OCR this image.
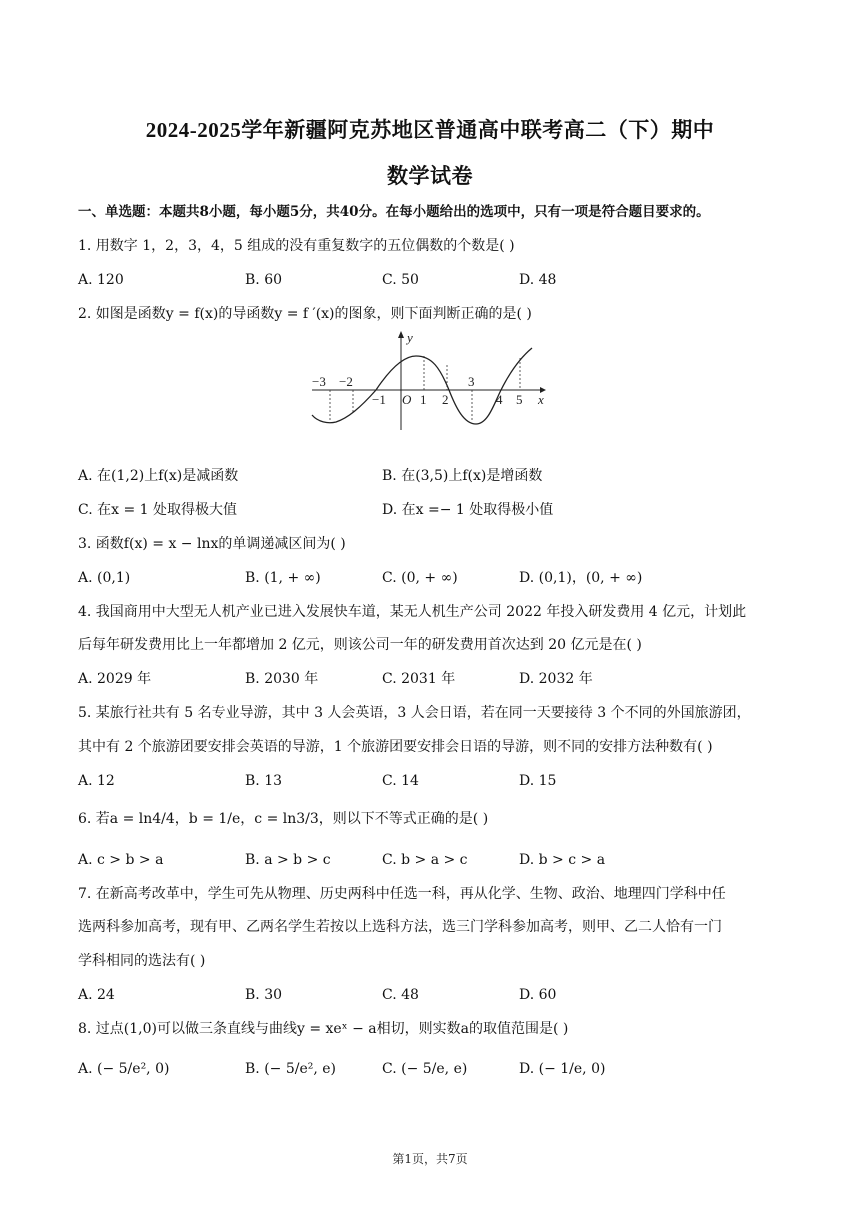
2024-2025学年新疆阿克苏地区普通高中联考高二（下）期中
数学试卷
一、单选题：本题共8小题，每小题5分，共40分。在每小题给出的选项中，只有一项是符合题目要求的。
1. 用数字 1，2，3，4，5 组成的没有重复数字的五位偶数的个数是( )
A. 120	B. 60	C. 50	D. 48
2. 如图是函数y = f(x)的导函数y = f ′(x)的图象，则下面判断正确的是( )
y
x
O
−3 −2
−1	1 2
3
4 5
A. 在(1,2)上f(x)是减函数	B. 在(3,5)上f(x)是增函数
C. 在x = 1 处取得极大值	D. 在x =− 1 处取得极小值
3. 函数f(x) = x − lnx的单调递减区间为( )
A. (0,1)	B. (1, + ∞)	C. (0, + ∞)	D. (0,1)，(0, + ∞)
4. 我国商用中大型无人机产业已进入发展快车道，某无人机生产公司 2022 年投入研发费用 4 亿元，计划此
后每年研发费用比上一年都增加 2 亿元，则该公司一年的研发费用首次达到 20 亿元是在( )
A. 2029 年	B. 2030 年	C. 2031 年	D. 2032 年
5. 某旅行社共有 5 名专业导游，其中 3 人会英语，3 人会日语，若在同一天要接待 3 个不同的外国旅游团，
其中有 2 个旅游团要安排会英语的导游，1 个旅游团要安排会日语的导游，则不同的安排方法种数有( )
A. 12	B. 13	C. 14	D. 15
6. 若a = ln4/4，b = 1/e，c = ln3/3，则以下不等式正确的是( )
A. c > b > a	B. a > b > c	C. b > a > c	D. b > c > a
7. 在新高考改革中，学生可先从物理、历史两科中任选一科，再从化学、生物、政治、地理四门学科中任
选两科参加高考，现有甲、乙两名学生若按以上选科方法，选三门学科参加高考，则甲、乙二人恰有一门
学科相同的选法有( )
A. 24	B. 30	C. 48	D. 60
8. 过点(1,0)可以做三条直线与曲线y = xeˣ − a相切，则实数a的取值范围是( )
A. (− 5/e², 0)	B. (− 5/e², e)	C. (− 5/e, e)	D. (− 1/e, 0)
第1页，共7页
